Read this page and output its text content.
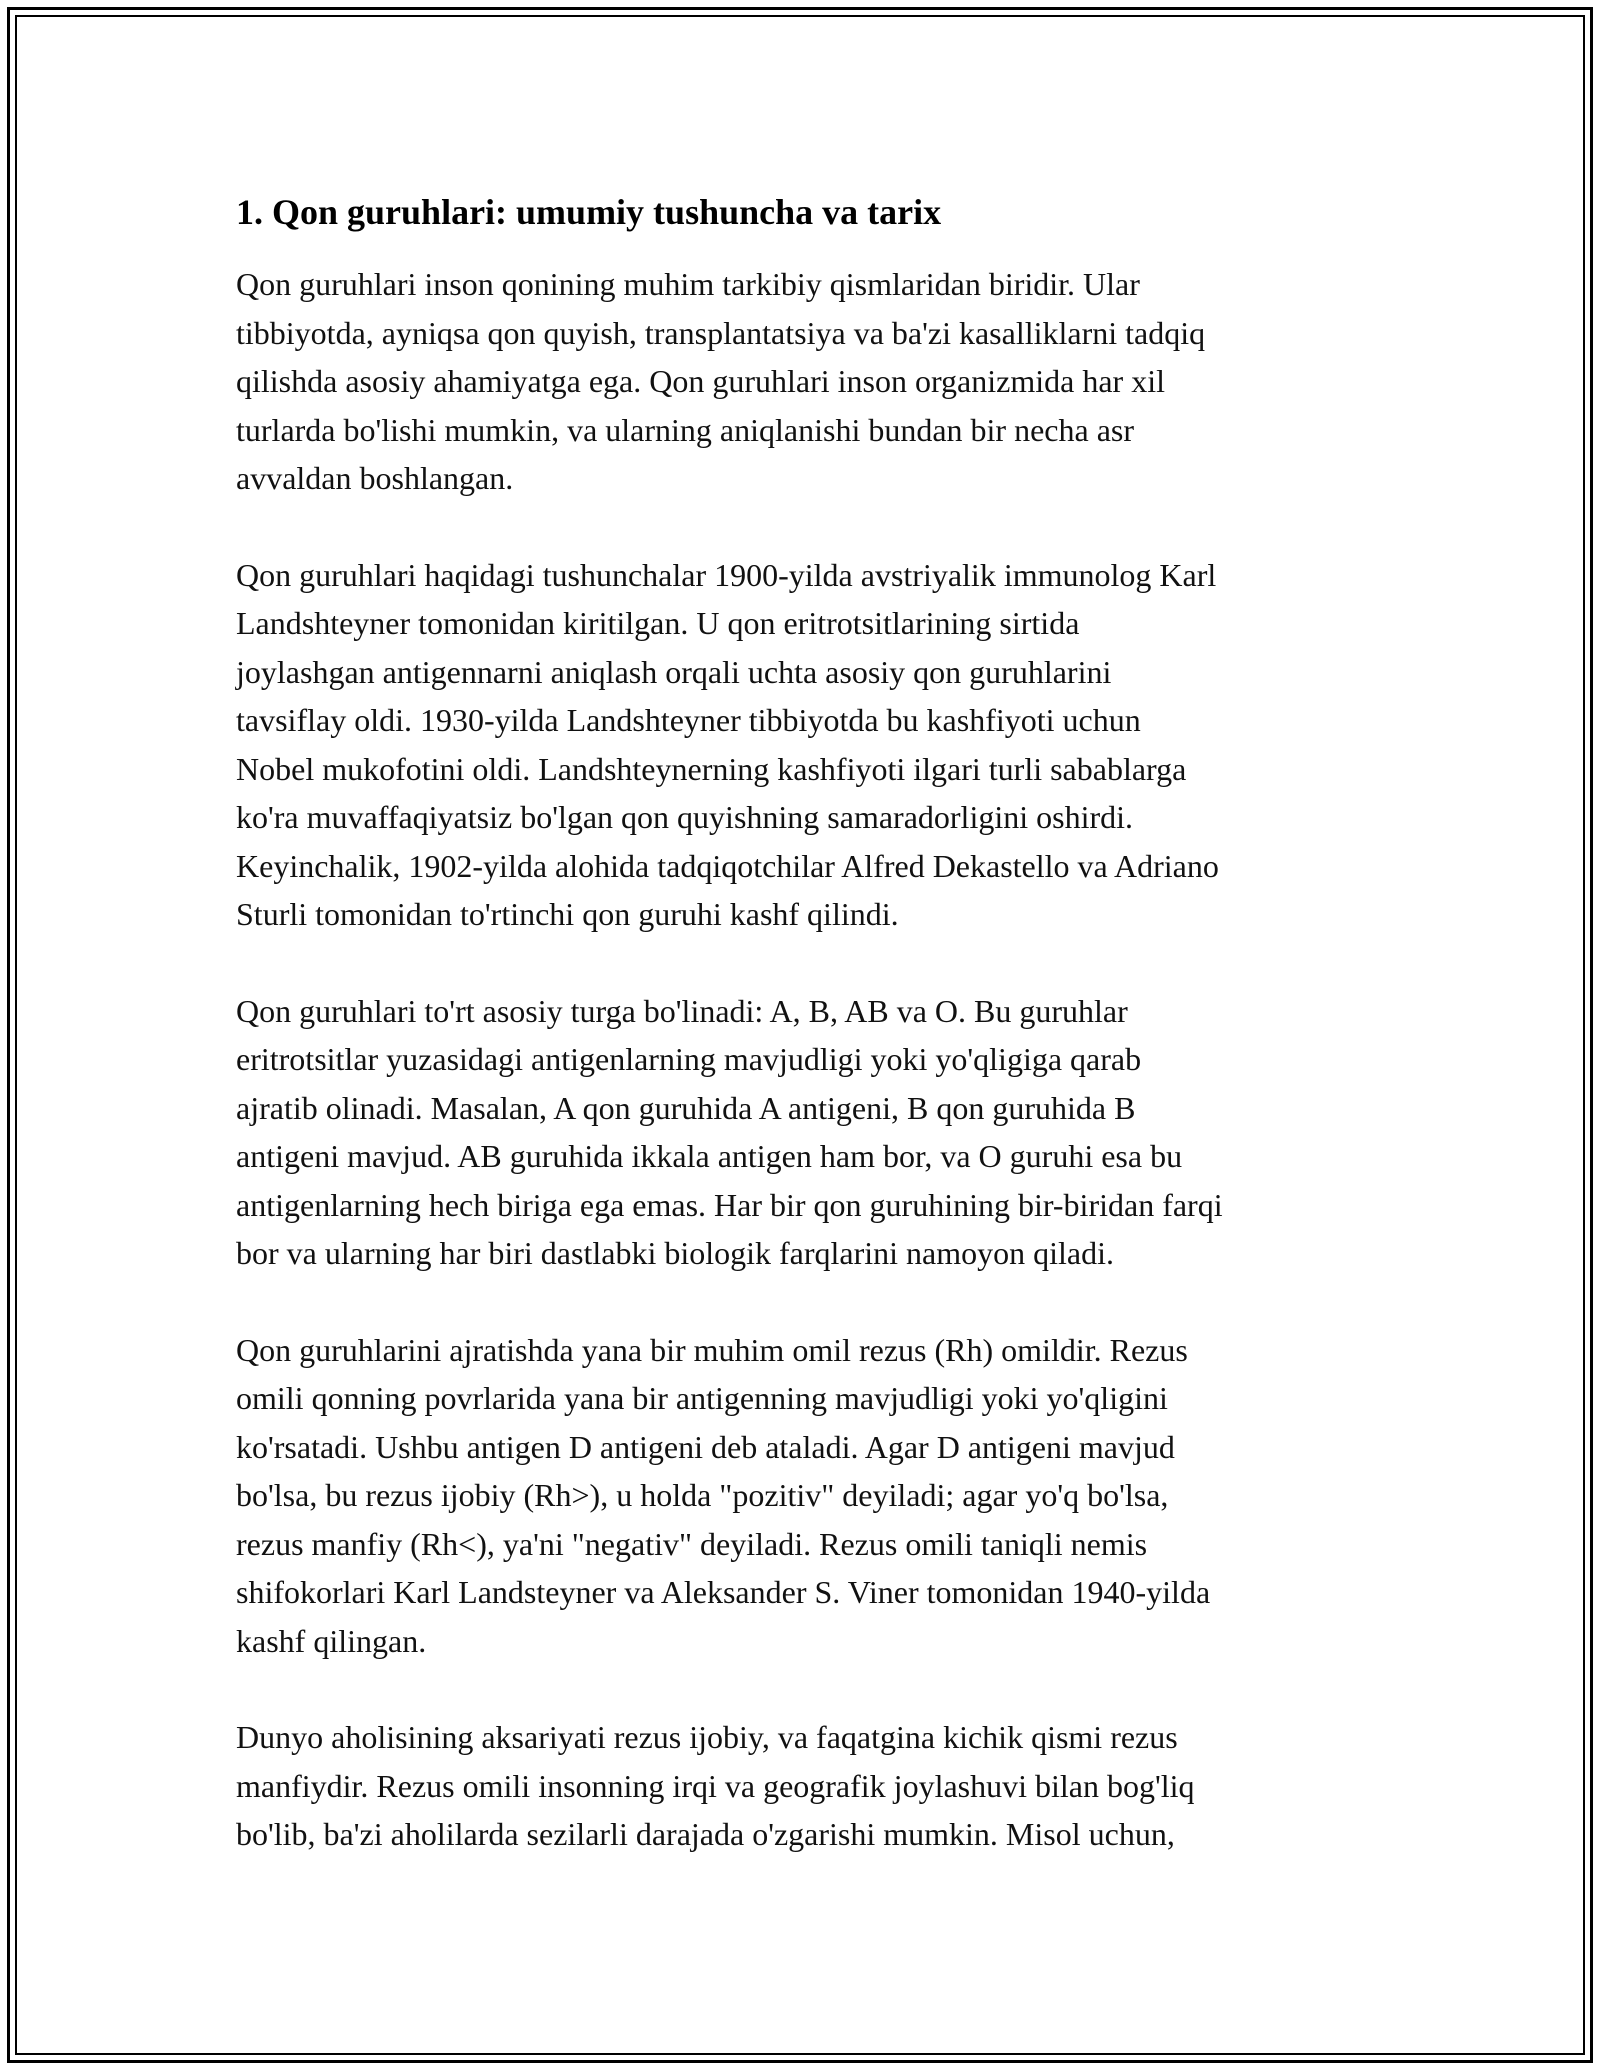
1. Qon guruhlari: umumiy tushuncha va tarix

Qon guruhlari inson qonining muhim tarkibiy qismlaridan biridir. Ular
tibbiyotda, ayniqsa qon quyish, transplantatsiya va ba'zi kasalliklarni tadqiq
qilishda asosiy ahamiyatga ega. Qon guruhlari inson organizmida har xil
turlarda bo'lishi mumkin, va ularning aniqlanishi bundan bir necha asr
avvaldan boshlangan.

Qon guruhlari haqidagi tushunchalar 1900-yilda avstriyalik immunolog Karl
Landshteyner tomonidan kiritilgan. U qon eritrotsitlarining sirtida
joylashgan antigennarni aniqlash orqali uchta asosiy qon guruhlarini
tavsiflay oldi. 1930-yilda Landshteyner tibbiyotda bu kashfiyoti uchun
Nobel mukofotini oldi. Landshteynerning kashfiyoti ilgari turli sabablarga
ko'ra muvaffaqiyatsiz bo'lgan qon quyishning samaradorligini oshirdi.
Keyinchalik, 1902-yilda alohida tadqiqotchilar Alfred Dekastello va Adriano
Sturli tomonidan to'rtinchi qon guruhi kashf qilindi.

Qon guruhlari to'rt asosiy turga bo'linadi: A, B, AB va O. Bu guruhlar
eritrotsitlar yuzasidagi antigenlarning mavjudligi yoki yo'qligiga qarab
ajratib olinadi. Masalan, A qon guruhida A antigeni, B qon guruhida B
antigeni mavjud. AB guruhida ikkala antigen ham bor, va O guruhi esa bu
antigenlarning hech biriga ega emas. Har bir qon guruhining bir-biridan farqi
bor va ularning har biri dastlabki biologik farqlarini namoyon qiladi.

Qon guruhlarini ajratishda yana bir muhim omil rezus (Rh) omildir. Rezus
omili qonning povrlarida yana bir antigenning mavjudligi yoki yo'qligini
ko'rsatadi. Ushbu antigen D antigeni deb ataladi. Agar D antigeni mavjud
bo'lsa, bu rezus ijobiy (Rh>), u holda "pozitiv" deyiladi; agar yo'q bo'lsa,
rezus manfiy (Rh<), ya'ni "negativ" deyiladi. Rezus omili taniqli nemis
shifokorlari Karl Landsteyner va Aleksander S. Viner tomonidan 1940-yilda
kashf qilingan.

Dunyo aholisining aksariyati rezus ijobiy, va faqatgina kichik qismi rezus
manfiydir. Rezus omili insonning irqi va geografik joylashuvi bilan bog'liq
bo'lib, ba'zi aholilarda sezilarli darajada o'zgarishi mumkin. Misol uchun,
